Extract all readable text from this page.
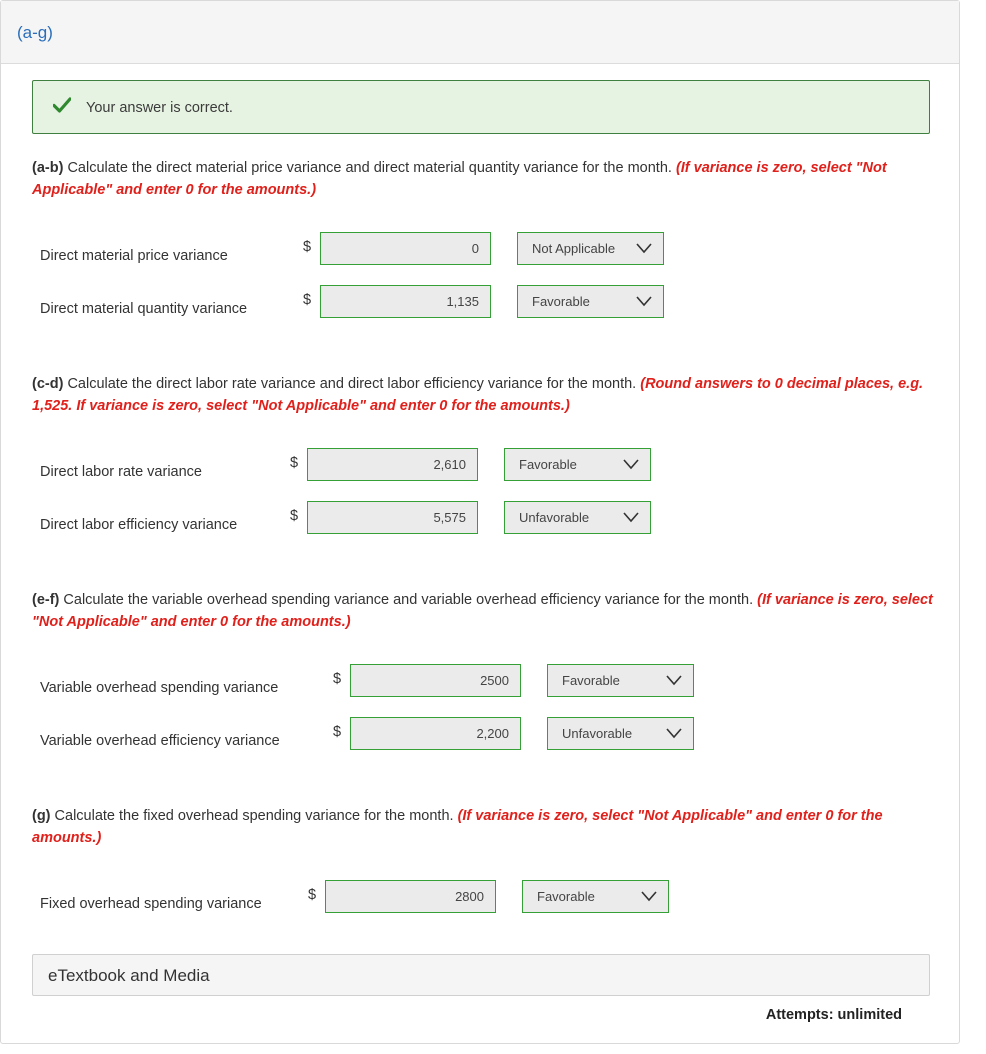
(a-g)
Your answer is correct.
(a-b) Calculate the direct material price variance and direct material quantity variance for the month. (If variance is zero, select "Not Applicable" and enter 0 for the amounts.)
Direct material price variance
$	0	Not Applicable
Direct material quantity variance
$	1,135	Favorable
(c-d) Calculate the direct labor rate variance and direct labor efficiency variance for the month. (Round answers to 0 decimal places, e.g. 1,525. If variance is zero, select "Not Applicable" and enter 0 for the amounts.)
Direct labor rate variance
$	2,610	Favorable
Direct labor efficiency variance
$	5,575	Unfavorable
(e-f) Calculate the variable overhead spending variance and variable overhead efficiency variance for the month. (If variance is zero, select "Not Applicable" and enter 0 for the amounts.)
Variable overhead spending variance
$	2500	Favorable
Variable overhead efficiency variance
$	2,200	Unfavorable
(g) Calculate the fixed overhead spending variance for the month. (If variance is zero, select "Not Applicable" and enter 0 for the amounts.)
Fixed overhead spending variance
$	2800	Favorable
eTextbook and Media
Attempts: unlimited
